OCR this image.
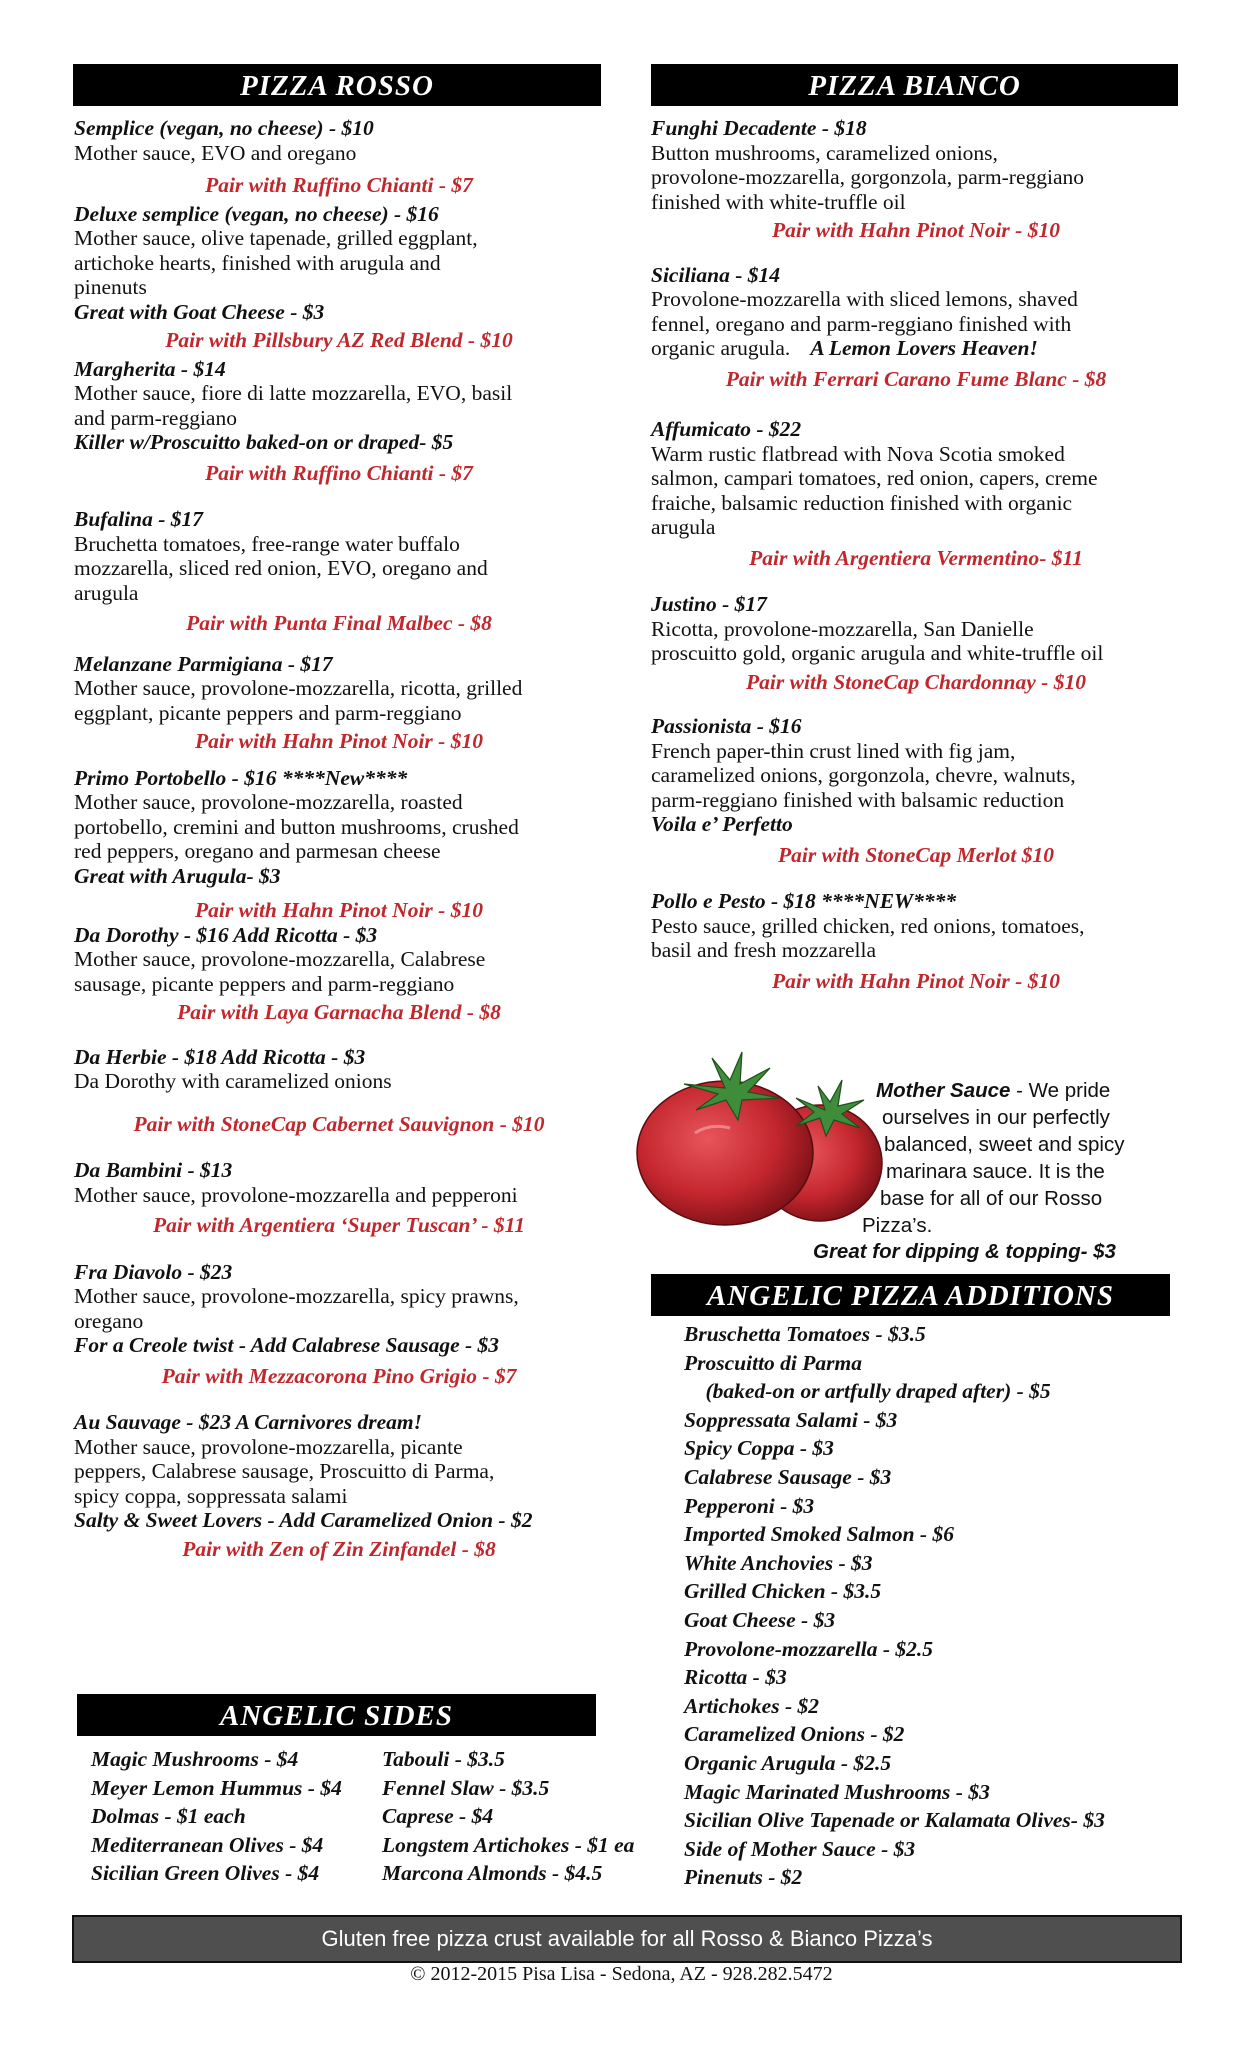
PIZZA ROSSO	PIZZA BIANCO
Semplice (vegan, no cheese) - $10
Mother sauce, EVO and oregano
Pair with Ruffino Chianti - $7
Deluxe semplice (vegan, no cheese) - $16
Mother sauce, olive tapenade, grilled eggplant,
artichoke hearts, finished with arugula and
pinenuts
Great with Goat Cheese - $3
Pair with Pillsbury AZ Red Blend - $10
Margherita - $14
Mother sauce, fiore di latte mozzarella, EVO, basil
and parm-reggiano
Killer w/Proscuitto baked-on or draped- $5
Pair with Ruffino Chianti - $7
Bufalina - $17
Bruchetta tomatoes, free-range water buffalo
mozzarella, sliced red onion, EVO, oregano and
arugula
Pair with Punta Final Malbec - $8
Melanzane Parmigiana - $17
Mother sauce, provolone-mozzarella, ricotta, grilled
eggplant, picante peppers and parm-reggiano
Pair with Hahn Pinot Noir - $10
Primo Portobello - $16 ****New****
Mother sauce, provolone-mozzarella, roasted
portobello, cremini and button mushrooms, crushed
red peppers, oregano and parmesan cheese
Great with Arugula- $3
Pair with Hahn Pinot Noir - $10
Da Dorothy - $16 Add Ricotta - $3
Mother sauce, provolone-mozzarella, Calabrese
sausage, picante peppers and parm-reggiano
Pair with Laya Garnacha Blend - $8
Da Herbie - $18 Add Ricotta - $3
Da Dorothy with caramelized onions
Pair with StoneCap Cabernet Sauvignon - $10
Da Bambini - $13
Mother sauce, provolone-mozzarella and pepperoni
Pair with Argentiera ‘Super Tuscan’ - $11
Fra Diavolo - $23
Mother sauce, provolone-mozzarella, spicy prawns,
oregano
For a Creole twist - Add Calabrese Sausage - $3
Pair with Mezzacorona Pino Grigio - $7
Au Sauvage - $23 A Carnivores dream!
Mother sauce, provolone-mozzarella, picante
peppers, Calabrese sausage, Proscuitto di Parma,
spicy coppa, soppressata salami
Salty & Sweet Lovers - Add Caramelized Onion - $2
Pair with Zen of Zin Zinfandel - $8
Funghi Decadente - $18
Button mushrooms, caramelized onions,
provolone-mozzarella, gorgonzola, parm-reggiano
finished with white-truffle oil
Pair with Hahn Pinot Noir - $10
Siciliana - $14
Provolone-mozzarella with sliced lemons, shaved
fennel, oregano and parm-reggiano finished with
organic arugula. A Lemon Lovers Heaven!
Pair with Ferrari Carano Fume Blanc - $8
Affumicato - $22
Warm rustic flatbread with Nova Scotia smoked
salmon, campari tomatoes, red onion, capers, creme
fraiche, balsamic reduction finished with organic
arugula
Pair with Argentiera Vermentino- $11
Justino - $17
Ricotta, provolone-mozzarella, San Danielle
proscuitto gold, organic arugula and white-truffle oil
Pair with StoneCap Chardonnay - $10
Passionista - $16
French paper-thin crust lined with fig jam,
caramelized onions, gorgonzola, chevre, walnuts,
parm-reggiano finished with balsamic reduction
Voila e’ Perfetto
Pair with StoneCap Merlot $10
Pollo e Pesto - $18 ****NEW****
Pesto sauce, grilled chicken, red onions, tomatoes,
basil and fresh mozzarella
Pair with Hahn Pinot Noir - $10
Mother Sauce - We pride
ourselves in our perfectly
balanced, sweet and spicy
marinara sauce. It is the
base for all of our Rosso
Pizza’s.
Great for dipping & topping- $3
ANGELIC PIZZA ADDITIONS
Bruschetta Tomatoes - $3.5
Proscuitto di Parma
(baked-on or artfully draped after) - $5
Soppressata Salami - $3
Spicy Coppa - $3
Calabrese Sausage - $3
Pepperoni - $3
Imported Smoked Salmon - $6
White Anchovies - $3
Grilled Chicken - $3.5
Goat Cheese - $3
Provolone-mozzarella - $2.5
Ricotta - $3
Artichokes - $2
Caramelized Onions - $2
Organic Arugula - $2.5
Magic Marinated Mushrooms - $3
Sicilian Olive Tapenade or Kalamata Olives- $3
Side of Mother Sauce - $3
Pinenuts - $2
ANGELIC SIDES
Magic Mushrooms - $4
Meyer Lemon Hummus - $4
Dolmas - $1 each
Mediterranean Olives - $4
Sicilian Green Olives - $4
Tabouli - $3.5
Fennel Slaw - $3.5
Caprese - $4
Longstem Artichokes - $1 ea
Marcona Almonds - $4.5
Gluten free pizza crust available for all Rosso & Bianco Pizza’s
© 2012-2015 Pisa Lisa - Sedona, AZ - 928.282.5472
